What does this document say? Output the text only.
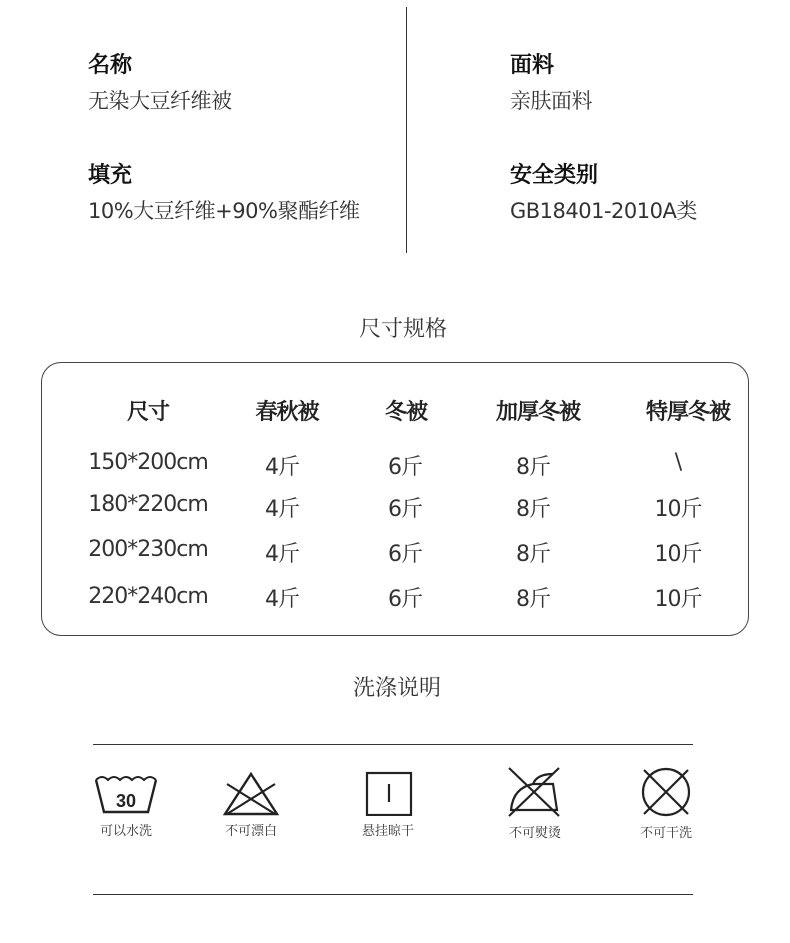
名称
无染大豆纤维被
填充
10%大豆纤维+90%聚酯纤维
面料
亲肤面料
安全类别
GB18401-2010A类
尺寸规格
尺寸	春秋被	冬被	加厚冬被	特厚冬被
150*200cm	4斤	6斤	8斤	\
180*220cm	4斤	6斤	8斤	10斤
200*230cm	4斤	6斤	8斤	10斤
220*240cm	4斤	6斤	8斤	10斤
洗涤说明
30
可以水洗	不可漂白	悬挂晾干	不可熨烫	不可干洗
